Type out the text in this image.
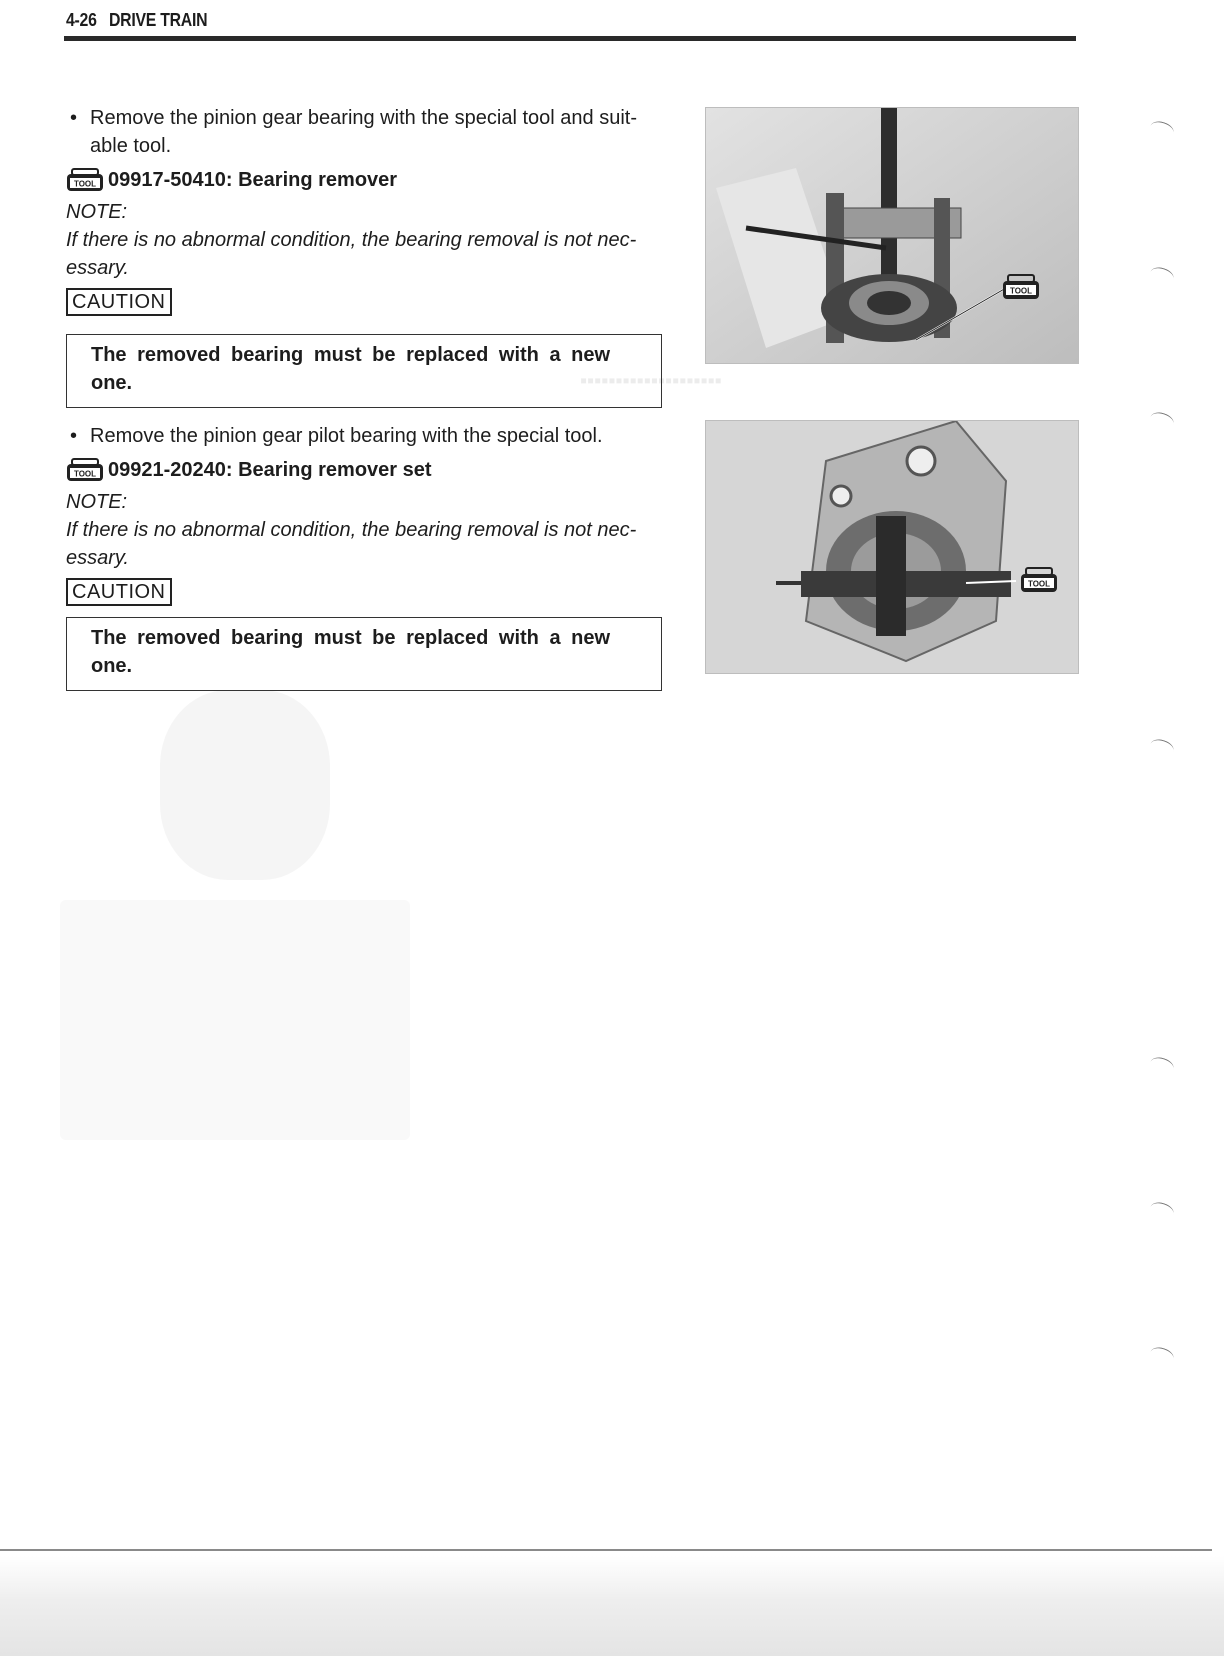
4-26 DRIVE TRAIN
▪▪▪▪▪▪▪▪▪▪▪▪▪▪▪▪▪▪▪▪
• Remove the pinion gear bearing with the special tool and suit-
able tool.
TOOL 09917-50410: Bearing remover
NOTE:
If there is no abnormal condition, the bearing removal is not nec-
essary.
CAUTION
The removed bearing must be replaced with a new
one.
• Remove the pinion gear pilot bearing with the special tool.
TOOL 09921-20240: Bearing remover set
NOTE:
If there is no abnormal condition, the bearing removal is not nec-
essary.
CAUTION
The removed bearing must be replaced with a new
one.
TOOL
TOOL
